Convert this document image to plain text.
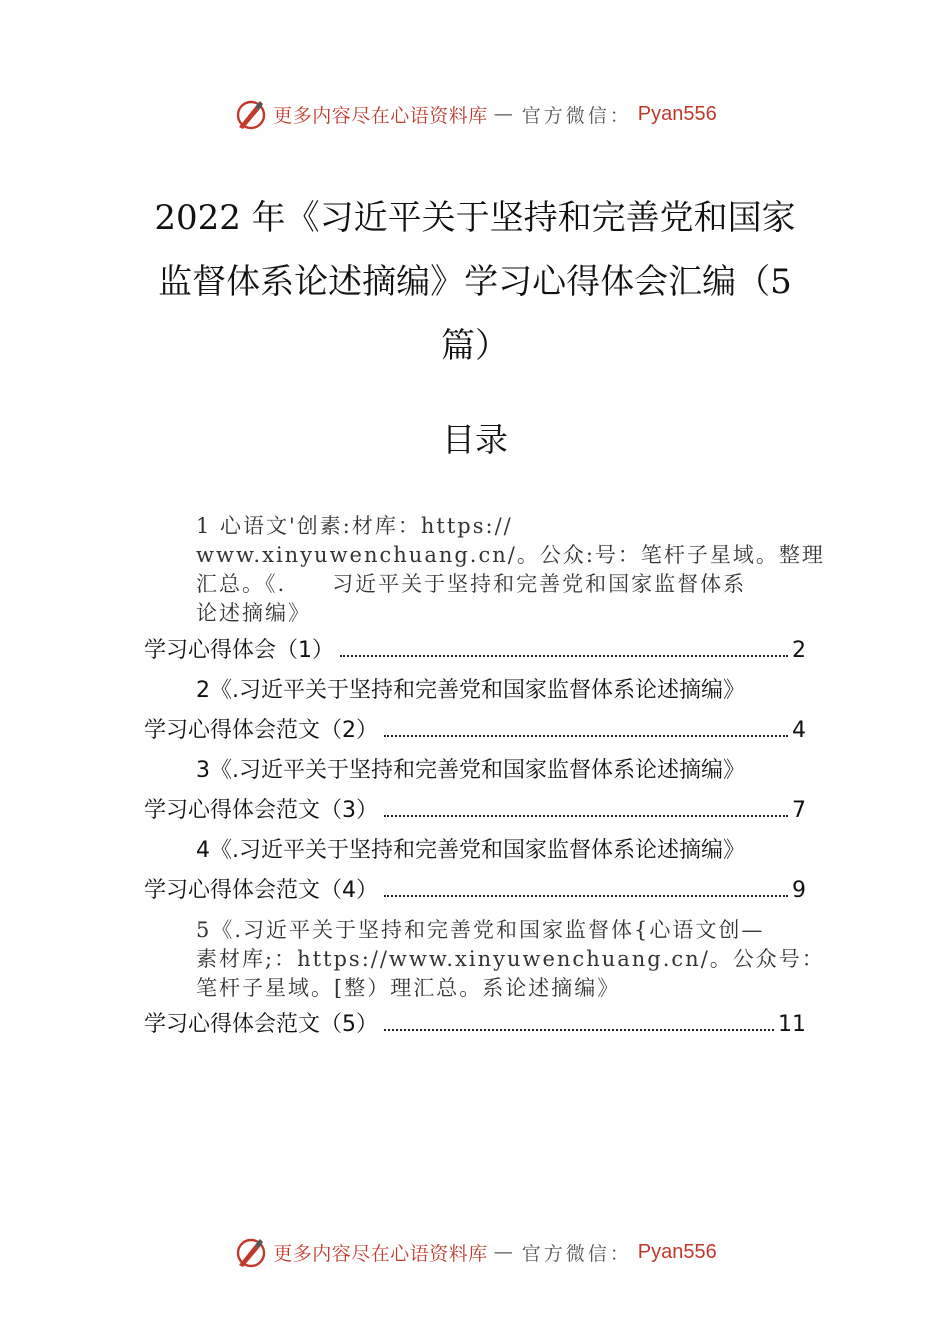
更多内容尽在心语资料库 — 官方微信： Pyan556
2022 年《习近平关于坚持和完善党和国家
监督体系论述摘编》学习心得体会汇编（5
篇）
目录
1 心语文'创素:材库：https://
www.xinyuwenchuang.cn/。公众:号：笔杆子星域。整理
汇总。《.　　习近平关于坚持和完善党和国家监督体系
论述摘编》
学习心得体会（1）	2
2《.习近平关于坚持和完善党和国家监督体系论述摘编》
学习心得体会范文（2）	4
3《.习近平关于坚持和完善党和国家监督体系论述摘编》
学习心得体会范文（3）	7
4《.习近平关于坚持和完善党和国家监督体系论述摘编》
学习心得体会范文（4）	9
5《.习近平关于坚持和完善党和国家监督体{心语文创—
素材库;：https://www.xinyuwenchuang.cn/。公众号：
笔杆子星域。[整）理汇总。系论述摘编》
学习心得体会范文（5）	11
更多内容尽在心语资料库 — 官方微信： Pyan556
